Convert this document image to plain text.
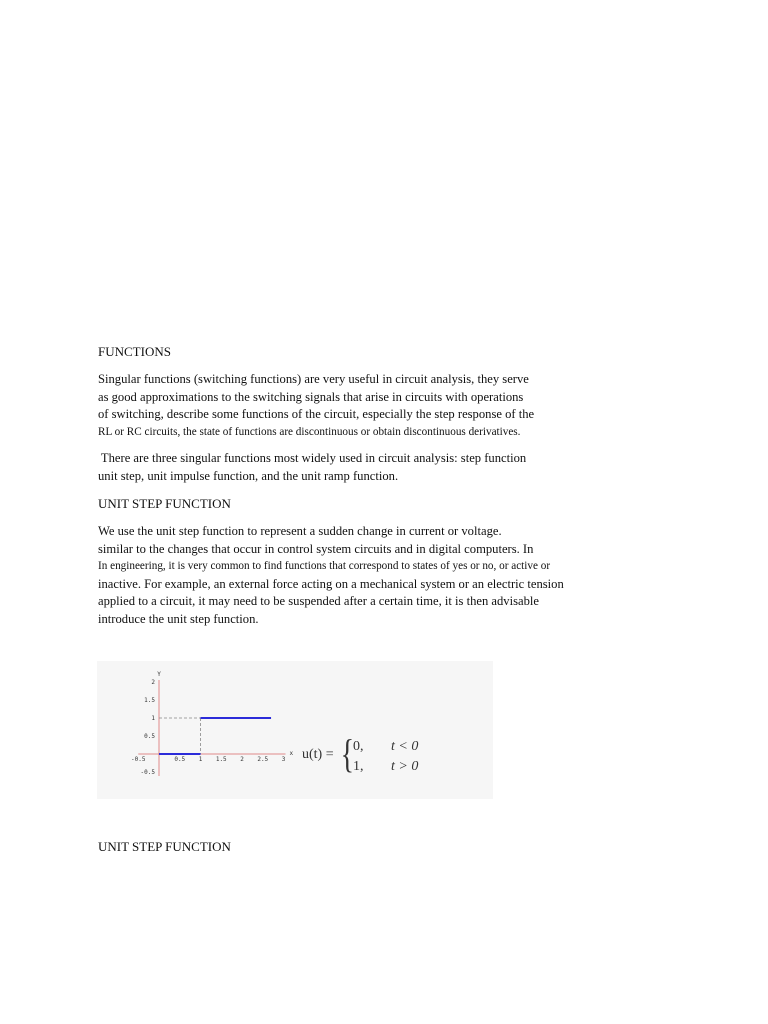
FUNCTIONS
Singular functions (switching functions) are very useful in circuit analysis, they serve
as good approximations to the switching signals that arise in circuits with operations
of switching, describe some functions of the circuit, especially the step response of the
RL or RC circuits, the state of functions are discontinuous or obtain discontinuous derivatives.
There are three singular functions most widely used in circuit analysis: step function
unit step, unit impulse function, and the unit ramp function.
UNIT STEP FUNCTION
We use the unit step function to represent a sudden change in current or voltage.
similar to the changes that occur in control system circuits and in digital computers. In
In engineering, it is very common to find functions that correspond to states of yes or no, or active or
inactive. For example, an external force acting on a mechanical system or an electric tension
applied to a circuit, it may need to be suspended after a certain time, it is then advisable
introduce the unit step function.
-0.5	0.5 1 1.5 2 2.5 3
2
1.5
1
0.5
-0.5
x
Y
u(t) = {
0, t < 0
1, t > 0
UNIT STEP FUNCTION
